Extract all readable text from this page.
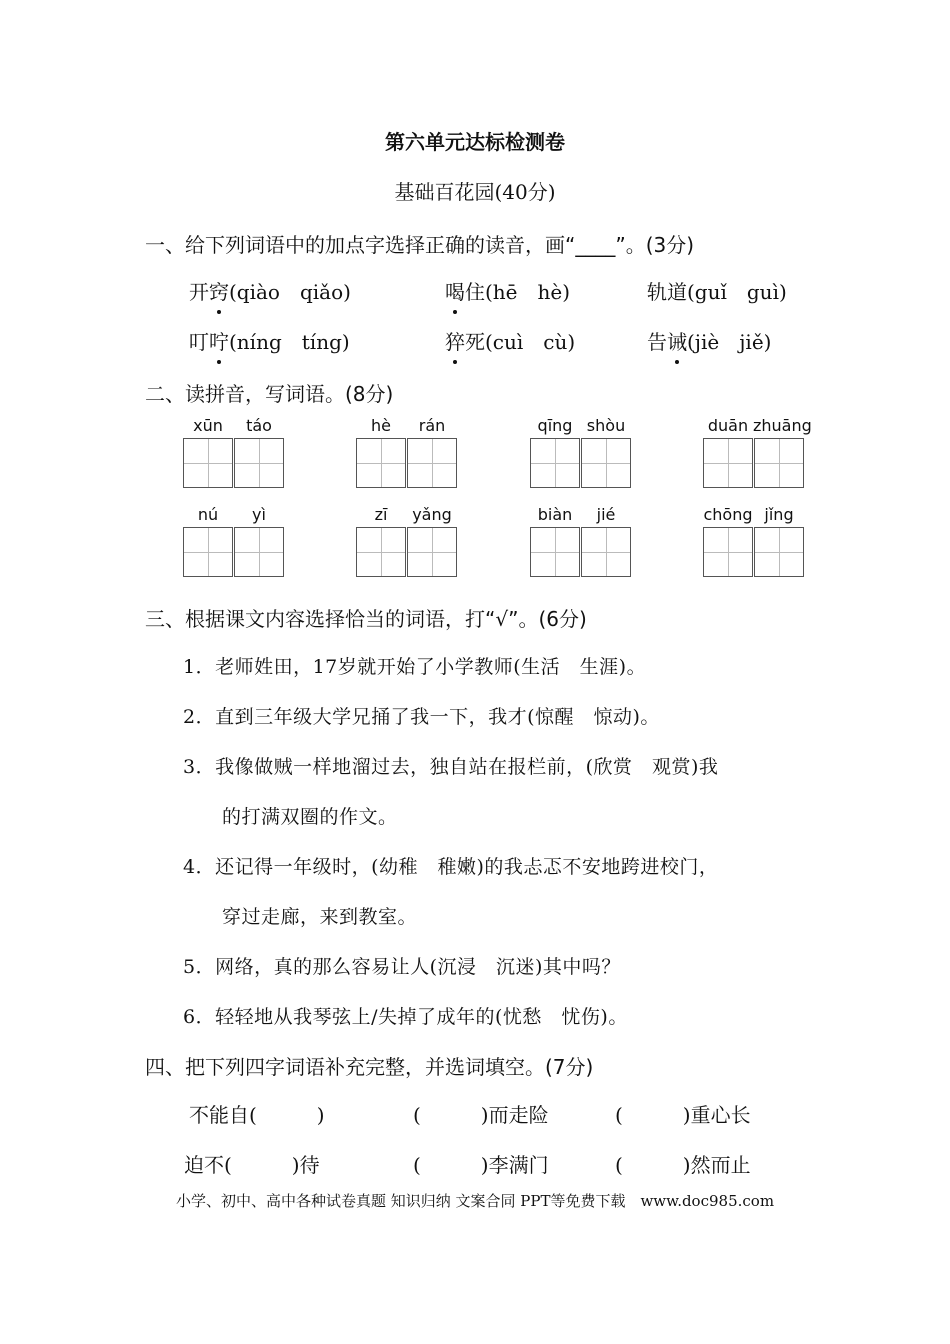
第六单元达标检测卷
基础百花园(40分)
一、给下列词语中的加点字选择正确的读音，画“____”。(3分)
开窍(qiào　qiǎo)	喝住(hē　hè)	轨道(guǐ　guì)
叮咛(níng　tíng)	猝死(cuì　cù)	告诫(jiè　jiě)
二、读拼音，写词语。(8分)
xūn	táo	hè	rán	qīng shòu	duān zhuāng
nú	yì	zī	yǎng	biàn	jié	chōng jǐng
三、根据课文内容选择恰当的词语，打“√”。(6分)
1．老师姓田，17岁就开始了小学教师(生活　生涯)。
2．直到三年级大学兄捅了我一下，我才(惊醒　惊动)。
3．我像做贼一样地溜过去，独自站在报栏前，(欣赏　观赏)我
的打满双圈的作文。
4．还记得一年级时，(幼稚　稚嫩)的我忐忑不安地跨进校门，
穿过走廊，来到教室。
5．网络，真的那么容易让人(沉浸　沉迷)其中吗？
6．轻轻地从我琴弦上/失掉了成年的(忧愁　忧伤)。
四、把下列四字词语补充完整，并选词填空。(7分)
不能自(　　　)	(　　　)而走险	(　　　)重心长
迫不(　　　)待	(　　　)李满门	(　　　)然而止
小学、初中、高中各种试卷真题 知识归纳 文案合同 PPT等免费下载　www.doc985.com
